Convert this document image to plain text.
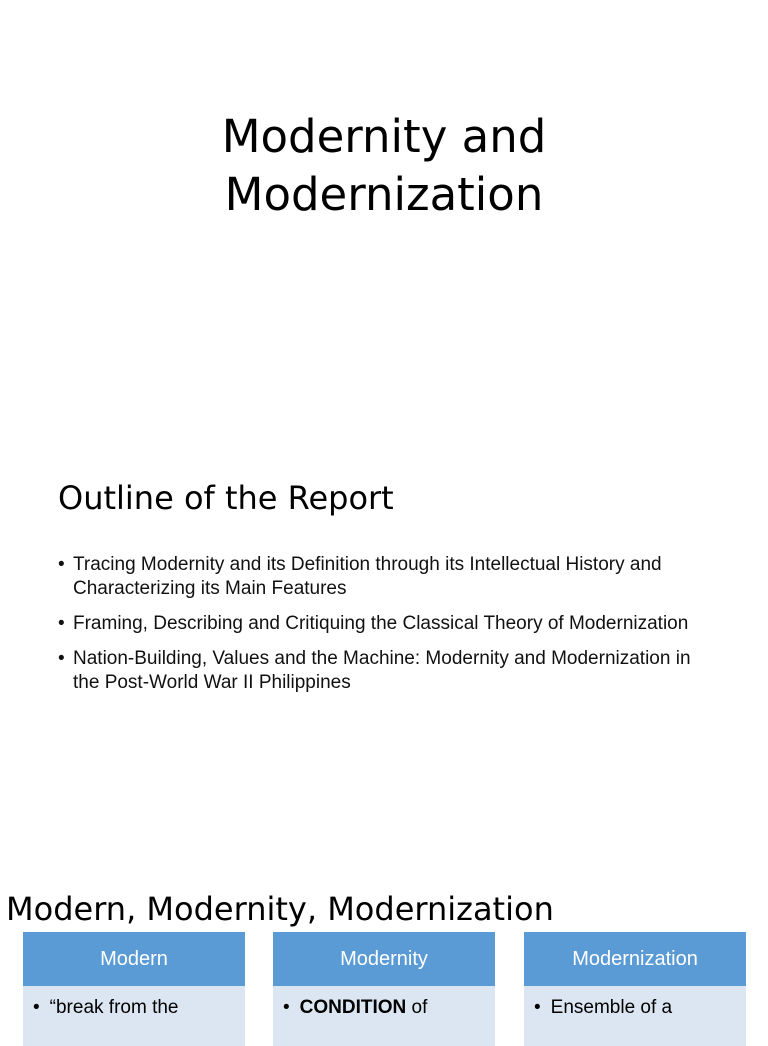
Modernity and
Modernization
Outline of the Report
• Tracing Modernity and its Definition through its Intellectual History and Characterizing its Main Features
• Framing, Describing and Critiquing the Classical Theory of Modernization
• Nation-Building, Values and the Machine: Modernity and Modernization in the Post-World War II Philippines
Modern, Modernity, Modernization
Modern
• “break from the
Modernity
• CONDITION of
Modernization
• Ensemble of a
